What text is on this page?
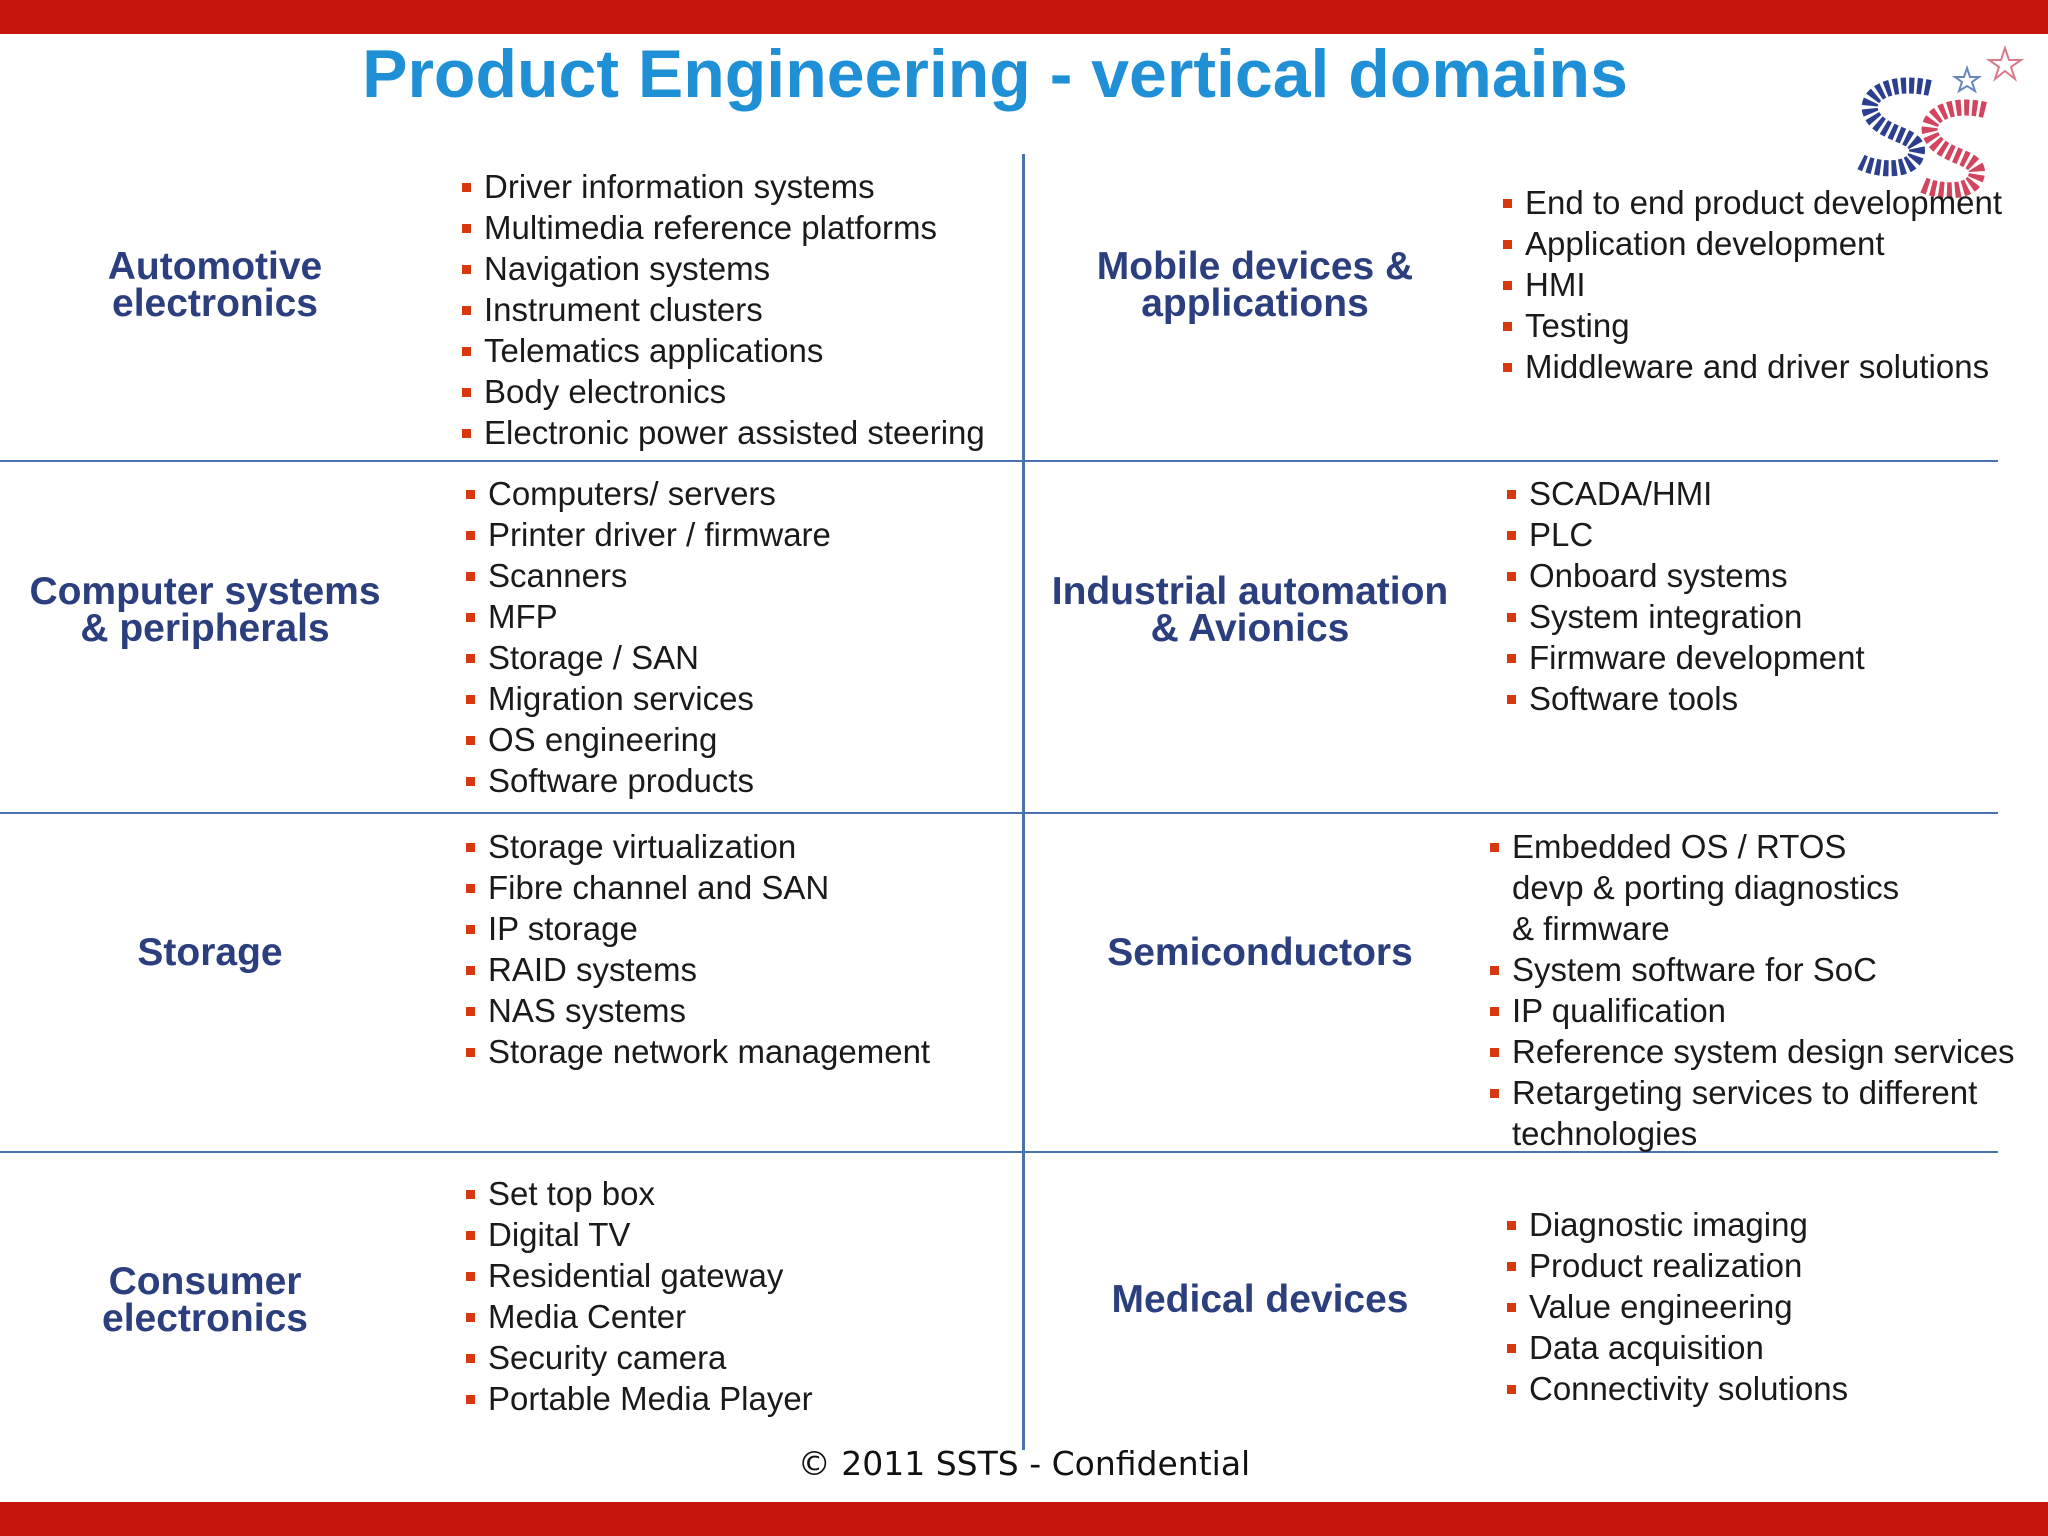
Product Engineering - vertical domains
Automotive electronics
Driver information systems
Multimedia reference platforms
Navigation systems
Instrument clusters
Telematics applications
Body electronics
Electronic power assisted steering
Mobile devices & applications
End to end product development
Application development
HMI
Testing
Middleware and driver solutions
Computer systems & peripherals
Computers/ servers
Printer driver / firmware
Scanners
MFP
Storage / SAN
Migration services
OS engineering
Software products
Industrial automation & Avionics
SCADA/HMI
PLC
Onboard systems
System integration
Firmware development
Software tools
Storage
Storage virtualization
Fibre channel and SAN
IP storage
RAID systems
NAS systems
Storage network management
Semiconductors
Embedded OS / RTOS devp & porting diagnostics & firmware
System software for SoC
IP qualification
Reference system design services
Retargeting services to different technologies
Consumer electronics
Set top box
Digital TV
Residential gateway
Media Center
Security camera
Portable Media Player
Medical devices
Diagnostic imaging
Product realization
Value engineering
Data acquisition
Connectivity solutions
© 2011 SSTS - Confidential
